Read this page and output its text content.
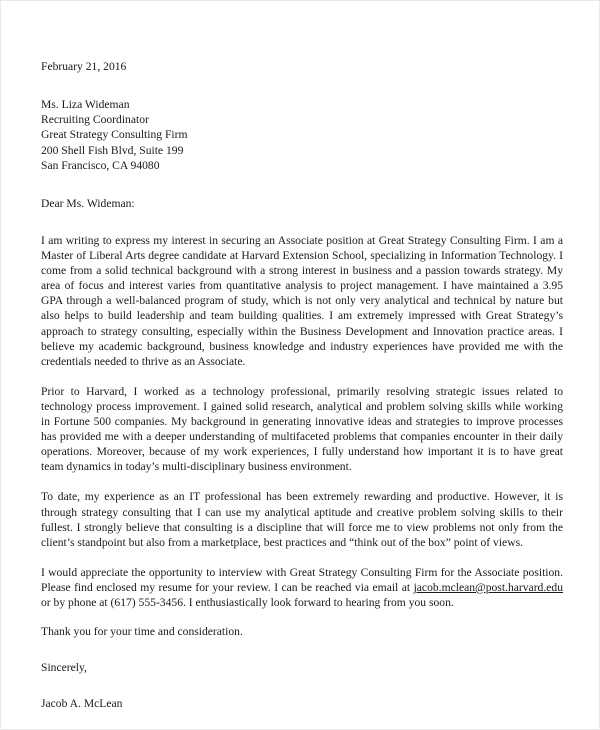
February 21, 2016

Ms. Liza Wideman

Recruiting Coordinator

Great Strategy Consulting Firm

200 Shell Fish Blvd, Suite 199

San Francisco, CA 94080

Dear Ms. Wideman:

I am writing to express my interest in securing an Associate position at Great Strategy Consulting Firm. I am a Master of Liberal Arts degree candidate at Harvard Extension School, specializing in Information Technology. I come from a solid technical background with a strong interest in business and a passion towards strategy. My area of focus and interest varies from quantitative analysis to project management. I have maintained a 3.95 GPA through a well-balanced program of study, which is not only very analytical and technical by nature but also helps to build leadership and team building qualities. I am extremely impressed with Great Strategy’s approach to strategy consulting, especially within the Business Development and Innovation practice areas. I believe my academic background, business knowledge and industry experiences have provided me with the credentials needed to thrive as an Associate.

Prior to Harvard, I worked as a technology professional, primarily resolving strategic issues related to technology process improvement. I gained solid research, analytical and problem solving skills while working in Fortune 500 companies. My background in generating innovative ideas and strategies to improve processes has provided me with a deeper understanding of multifaceted problems that companies encounter in their daily operations. Moreover, because of my work experiences, I fully understand how important it is to have great team dynamics in today’s multi-disciplinary business environment.

To date, my experience as an IT professional has been extremely rewarding and productive. However, it is through strategy consulting that I can use my analytical aptitude and creative problem solving skills to their fullest. I strongly believe that consulting is a discipline that will force me to view problems not only from the client’s standpoint but also from a marketplace, best practices and “think out of the box” point of views.

I would appreciate the opportunity to interview with Great Strategy Consulting Firm for the Associate position. Please find enclosed my resume for your review. I can be reached via email at jacob.mclean@post.harvard.edu or by phone at (617) 555-3456. I enthusiastically look forward to hearing from you soon.

Thank you for your time and consideration.

Sincerely,

Jacob A. McLean
